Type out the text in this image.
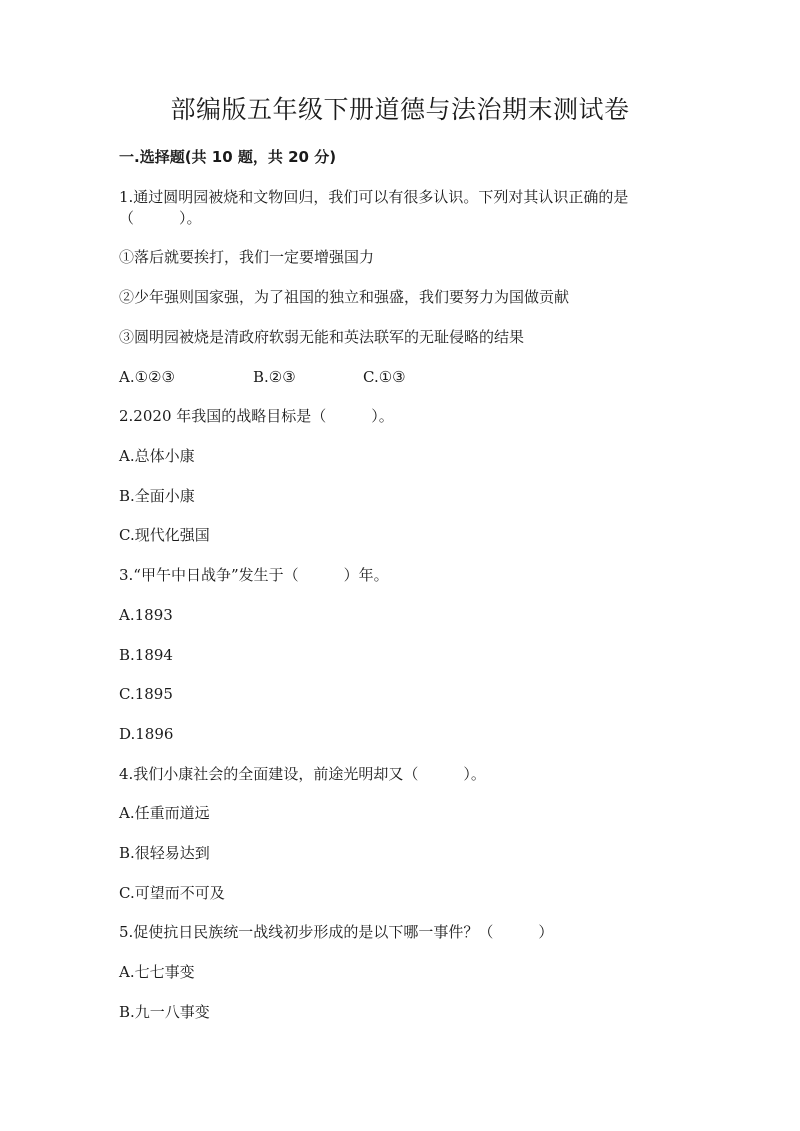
部编版五年级下册道德与法治期末测试卷
一.选择题(共 10 题，共 20 分)
1.通过圆明园被烧和文物回归，我们可以有很多认识。下列对其认识正确的是
（　　　）。
①落后就要挨打，我们一定要增强国力
②少年强则国家强，为了祖国的独立和强盛，我们要努力为国做贡献
③圆明园被烧是清政府软弱无能和英法联军的无耻侵略的结果
A.①②③	B.②③	C.①③
2.2020 年我国的战略目标是（　　　）。
A.总体小康
B.全面小康
C.现代化强国
3.“甲午中日战争”发生于（　　　）年。
A.1893
B.1894
C.1895
D.1896
4.我们小康社会的全面建设，前途光明却又（　　　）。
A.任重而道远
B.很轻易达到
C.可望而不可及
5.促使抗日民族统一战线初步形成的是以下哪一事件？（　　　）
A.七七事变
B.九一八事变
